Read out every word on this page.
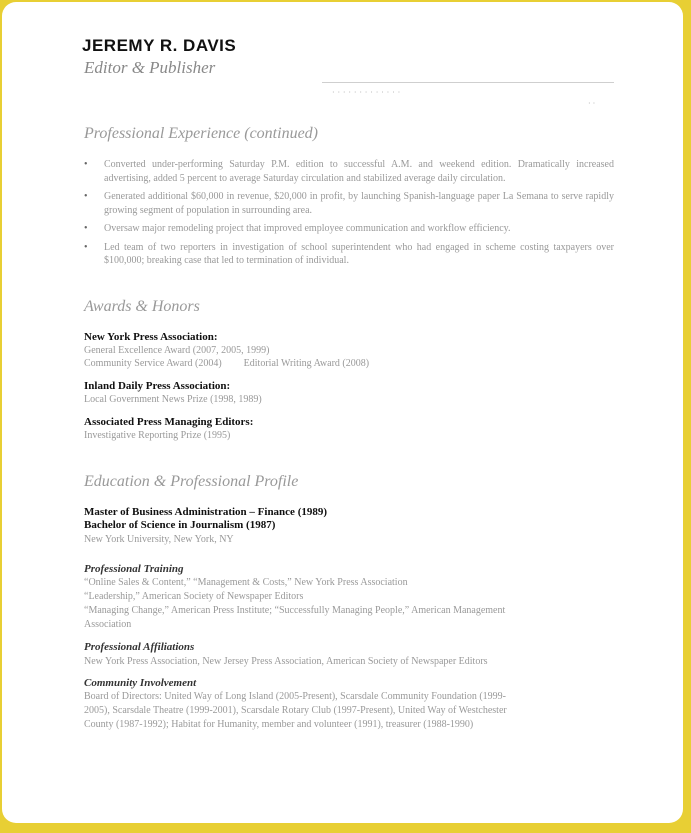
JEREMY R. DAVIS
Editor & Publisher
· · · · · · · · · · · · ·
· ·
Professional Experience (continued)
• Converted under-performing Saturday P.M. edition to successful A.M. and weekend edition. Dramatically increased advertising, added 5 percent to average Saturday circulation and stabilized average daily circulation.
• Generated additional $60,000 in revenue, $20,000 in profit, by launching Spanish-language paper La Semana to serve rapidly growing segment of population in surrounding area.
• Oversaw major remodeling project that improved employee communication and workflow efficiency.
• Led team of two reporters in investigation of school superintendent who had engaged in scheme costing taxpayers over $100,000; breaking case that led to termination of individual.
Awards & Honors
New York Press Association:
General Excellence Award (2007, 2005, 1999)
Community Service Award (2004) Editorial Writing Award (2008)
Inland Daily Press Association:
Local Government News Prize (1998, 1989)
Associated Press Managing Editors:
Investigative Reporting Prize (1995)
Education & Professional Profile
Master of Business Administration – Finance (1989)
Bachelor of Science in Journalism (1987)
New York University, New York, NY
Professional Training
“Online Sales & Content,” “Management & Costs,” New York Press Association
“Leadership,” American Society of Newspaper Editors
“Managing Change,” American Press Institute; “Successfully Managing People,” American Management
Association
Professional Affiliations
New York Press Association, New Jersey Press Association, American Society of Newspaper Editors
Community Involvement
Board of Directors: United Way of Long Island (2005-Present), Scarsdale Community Foundation (1999-
2005), Scarsdale Theatre (1999-2001), Scarsdale Rotary Club (1997-Present), United Way of Westchester
County (1987-1992); Habitat for Humanity, member and volunteer (1991), treasurer (1988-1990)
